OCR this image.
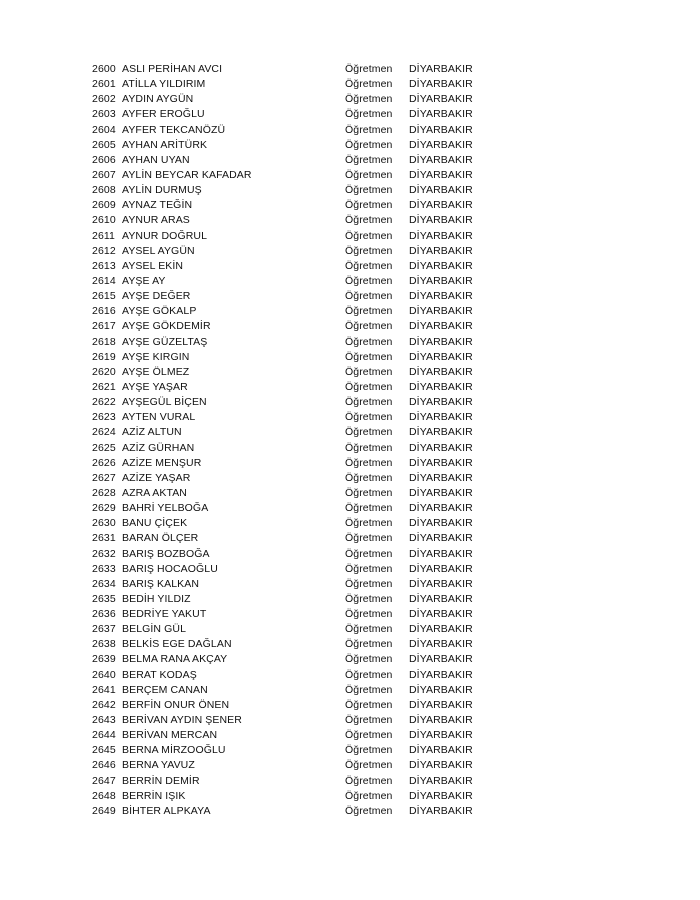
2600 ASLI PERİHAN AVCI	Öğretmen DİYARBAKIR
2601 ATİLLA YILDIRIM	Öğretmen DİYARBAKIR
2602 AYDIN AYGÜN	Öğretmen DİYARBAKIR
2603 AYFER EROĞLU	Öğretmen DİYARBAKIR
2604 AYFER TEKCANÖZÜ	Öğretmen DİYARBAKIR
2605 AYHAN ARİTÜRK	Öğretmen DİYARBAKIR
2606 AYHAN UYAN	Öğretmen DİYARBAKIR
2607 AYLİN BEYCAR KAFADAR	Öğretmen DİYARBAKIR
2608 AYLİN DURMUŞ	Öğretmen DİYARBAKIR
2609 AYNAZ TEĞİN	Öğretmen DİYARBAKIR
2610 AYNUR ARAS	Öğretmen DİYARBAKIR
2611 AYNUR DOĞRUL	Öğretmen DİYARBAKIR
2612 AYSEL AYGÜN	Öğretmen DİYARBAKIR
2613 AYSEL EKİN	Öğretmen DİYARBAKIR
2614 AYŞE AY	Öğretmen DİYARBAKIR
2615 AYŞE DEĞER	Öğretmen DİYARBAKIR
2616 AYŞE GÖKALP	Öğretmen DİYARBAKIR
2617 AYŞE GÖKDEMİR	Öğretmen DİYARBAKIR
2618 AYŞE GÜZELTAŞ	Öğretmen DİYARBAKIR
2619 AYŞE KIRGIN	Öğretmen DİYARBAKIR
2620 AYŞE ÖLMEZ	Öğretmen DİYARBAKIR
2621 AYŞE YAŞAR	Öğretmen DİYARBAKIR
2622 AYŞEGÜL BİÇEN	Öğretmen DİYARBAKIR
2623 AYTEN VURAL	Öğretmen DİYARBAKIR
2624 AZİZ ALTUN	Öğretmen DİYARBAKIR
2625 AZİZ GÜRHAN	Öğretmen DİYARBAKIR
2626 AZİZE MENŞUR	Öğretmen DİYARBAKIR
2627 AZİZE YAŞAR	Öğretmen DİYARBAKIR
2628 AZRA AKTAN	Öğretmen DİYARBAKIR
2629 BAHRİ YELBOĞA	Öğretmen DİYARBAKIR
2630 BANU ÇİÇEK	Öğretmen DİYARBAKIR
2631 BARAN ÖLÇER	Öğretmen DİYARBAKIR
2632 BARIŞ BOZBOĞA	Öğretmen DİYARBAKIR
2633 BARIŞ HOCAOĞLU	Öğretmen DİYARBAKIR
2634 BARIŞ KALKAN	Öğretmen DİYARBAKIR
2635 BEDİH YILDIZ	Öğretmen DİYARBAKIR
2636 BEDRİYE YAKUT	Öğretmen DİYARBAKIR
2637 BELGİN GÜL	Öğretmen DİYARBAKIR
2638 BELKİS EGE DAĞLAN	Öğretmen DİYARBAKIR
2639 BELMA RANA AKÇAY	Öğretmen DİYARBAKIR
2640 BERAT KODAŞ	Öğretmen DİYARBAKIR
2641 BERÇEM CANAN	Öğretmen DİYARBAKIR
2642 BERFİN ONUR ÖNEN	Öğretmen DİYARBAKIR
2643 BERİVAN AYDIN ŞENER	Öğretmen DİYARBAKIR
2644 BERİVAN MERCAN	Öğretmen DİYARBAKIR
2645 BERNA MİRZOOĞLU	Öğretmen DİYARBAKIR
2646 BERNA YAVUZ	Öğretmen DİYARBAKIR
2647 BERRİN DEMİR	Öğretmen DİYARBAKIR
2648 BERRİN IŞIK	Öğretmen DİYARBAKIR
2649 BİHTER ALPKAYA	Öğretmen DİYARBAKIR
